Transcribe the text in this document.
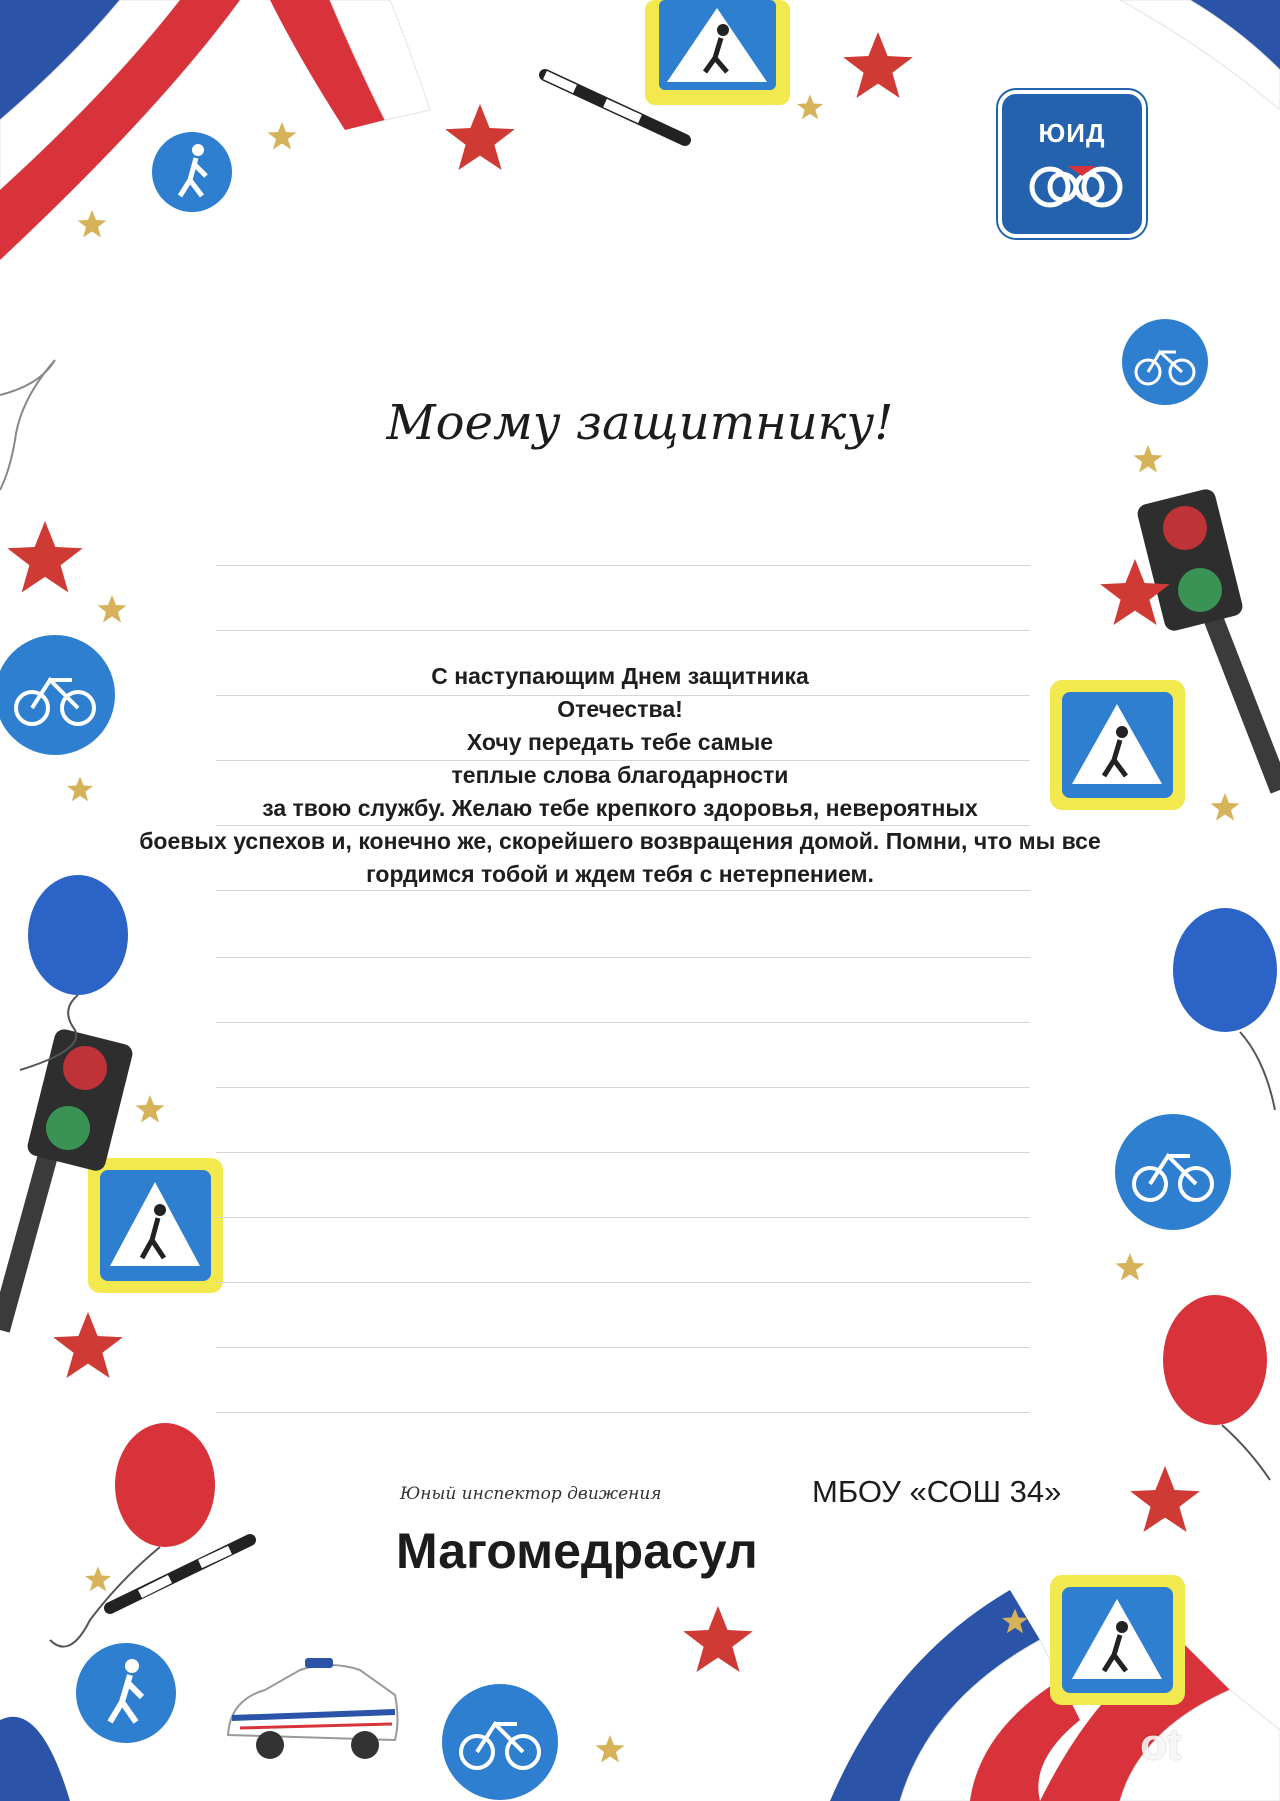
ЮИД
Моему защитнику!
С наступающим Днем защитника
Отечества!
Хочу передать тебе самые
теплые слова благодарности
за твою службу. Желаю тебе крепкого здоровья, невероятных
боевых успехов и, конечно же, скорейшего возвращения домой. Помни, что мы все
гордимся тобой и ждем тебя с нетерпением.
Юный инспектор движения	МБОУ «СОШ 34»
Магомедрасул
ot
